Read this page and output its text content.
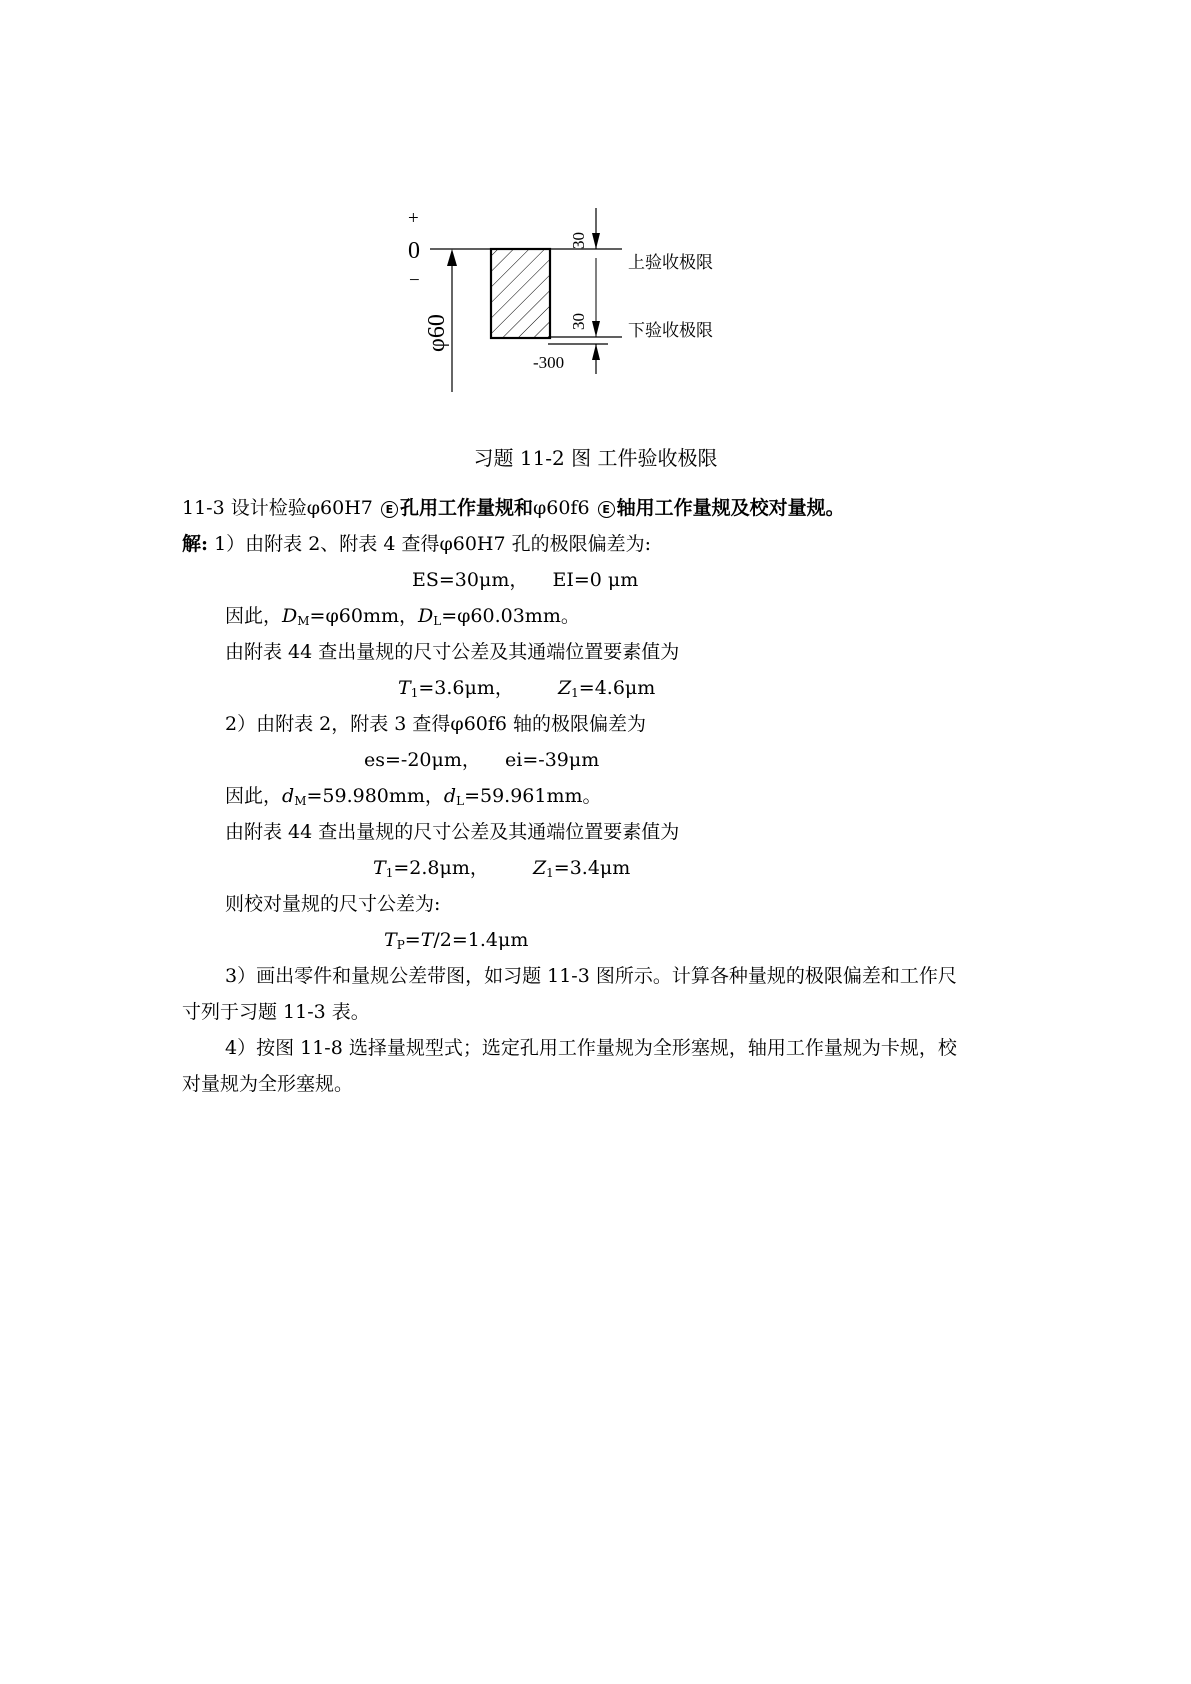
+
0
−
φ60
30
30
-300
上验收极限
下验收极限
习题 11-2 图 工件验收极限
11-3 设计检验φ60H7 E 孔用工作量规和φ60f6 E 轴用工作量规及校对量规。
解: 1）由附表 2、附表 4 查得φ60H7 孔的极限偏差为:
ES=30μm，    EI=0 μm
因此，$D_M=\varphi 60mm$，$D_L=\varphi 60.03mm$。
由附表 44 查出量规的尺寸公差及其通端位置要素值为
$T_1=3.6\mu m$， $Z_1=4.6\mu m$
2）由附表 2，附表 3 查得φ60f6 轴的极限偏差为
es=-20μm，    ei=-39μm
因此，$d_M=59.980mm$，$d_L=59.961mm$。
由附表 44 查出量规的尺寸公差及其通端位置要素值为
$T_1=2.8\mu m$， $Z_1=3.4\mu m$
则校对量规的尺寸公差为:
$T_P=T/2=1.4\mu m$
3）画出零件和量规公差带图，如习题 11-3 图所示。计算各种量规的极限偏差和工作尺
寸列于习题 11-3 表。
4）按图 11-8 选择量规型式；选定孔用工作量规为全形塞规，轴用工作量规为卡规，校
对量规为全形塞规。
